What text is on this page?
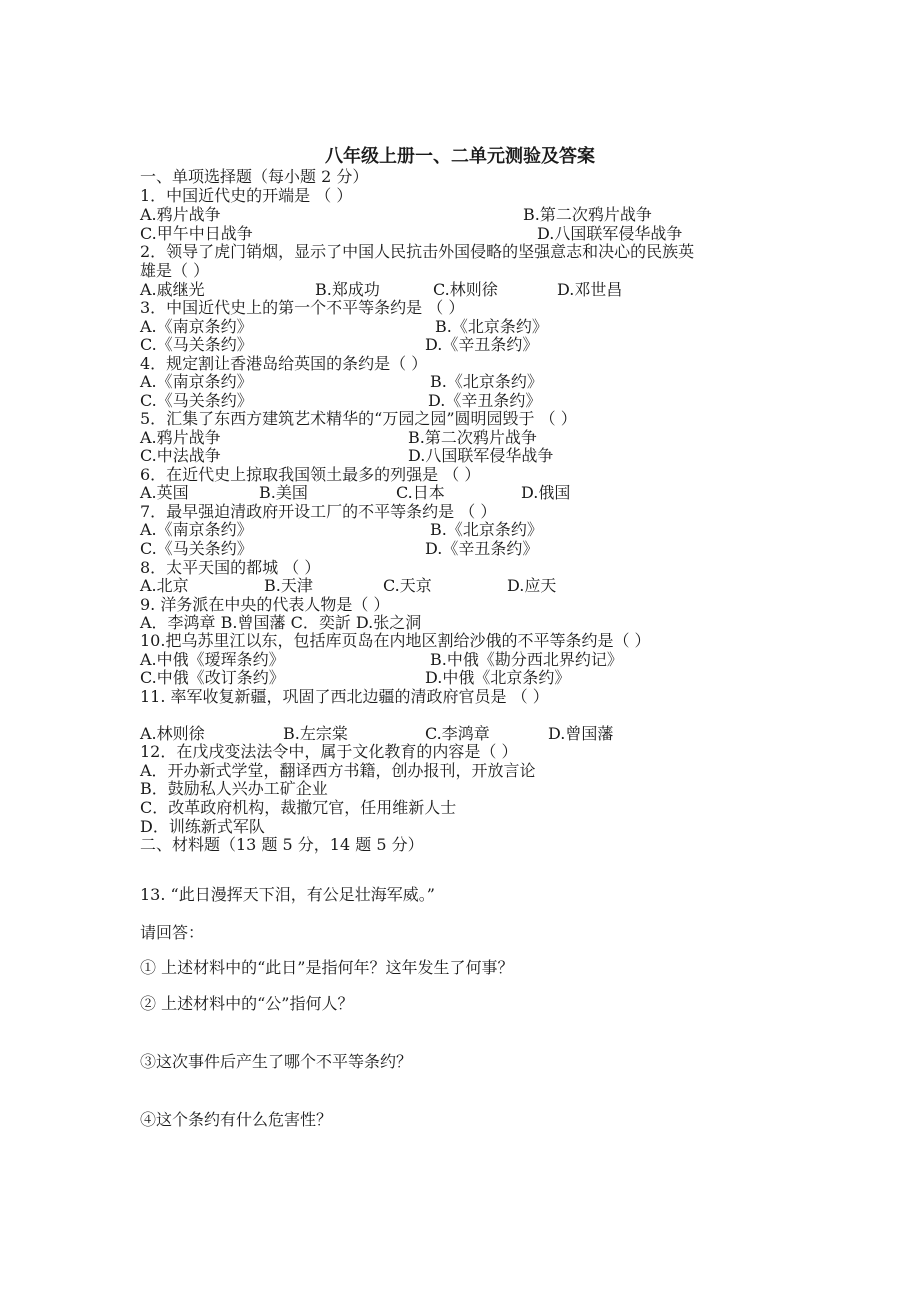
八年级上册一、二单元测验及答案
一、单项选择题（每小题 2 分）
1．中国近代史的开端是 （ ）
A.鸦片战争	B.第二次鸦片战争
C.甲午中日战争	D.八国联军侵华战争
2．领导了虎门销烟，显示了中国人民抗击外国侵略的坚强意志和决心的民族英
雄是（ ）
A.戚继光	B.郑成功	C.林则徐	D.邓世昌
3．中国近代史上的第一个不平等条约是 （ ）
A.《南京条约》	B.《北京条约》
C.《马关条约》	D.《辛丑条约》
4．规定割让香港岛给英国的条约是（ ）
A.《南京条约》	B.《北京条约》
C.《马关条约》	D.《辛丑条约》
5．汇集了东西方建筑艺术精华的“万园之园”圆明园毁于 （ ）
A.鸦片战争	B.第二次鸦片战争
C.中法战争	D.八国联军侵华战争
6．在近代史上掠取我国领土最多的列强是 （ ）
A.英国	B.美国	C.日本	D.俄国
7．最早强迫清政府开设工厂的不平等条约是 （ ）
A.《南京条约》	B.《北京条约》
C.《马关条约》	D.《辛丑条约》
8．太平天国的都城 （ ）
A.北京	B.天津	C.天京	D.应天
9. 洋务派在中央的代表人物是（ ）
A．李鸿章 B.曾国藩 C．奕訢 D.张之洞
10.把乌苏里江以东，包括库页岛在内地区割给沙俄的不平等条约是（ ）
A.中俄《瑷珲条约》	B.中俄《勘分西北界约记》
C.中俄《改订条约》	D.中俄《北京条约》
11. 率军收复新疆，巩固了西北边疆的清政府官员是 （ ）
A.林则徐	B.左宗棠	C.李鸿章	D.曾国藩
12．在戊戌变法法令中，属于文化教育的内容是（ ）
A．开办新式学堂，翻译西方书籍，创办报刊，开放言论
B．鼓励私人兴办工矿企业
C．改革政府机构，裁撤冗官，任用维新人士
D．训练新式军队
二、材料题（13 题 5 分，14 题 5 分）
13. “此日漫挥天下泪，有公足壮海军威。”
请回答：
① 上述材料中的“此日”是指何年？这年发生了何事？
② 上述材料中的“公”指何人？
③这次事件后产生了哪个不平等条约？
④这个条约有什么危害性？
